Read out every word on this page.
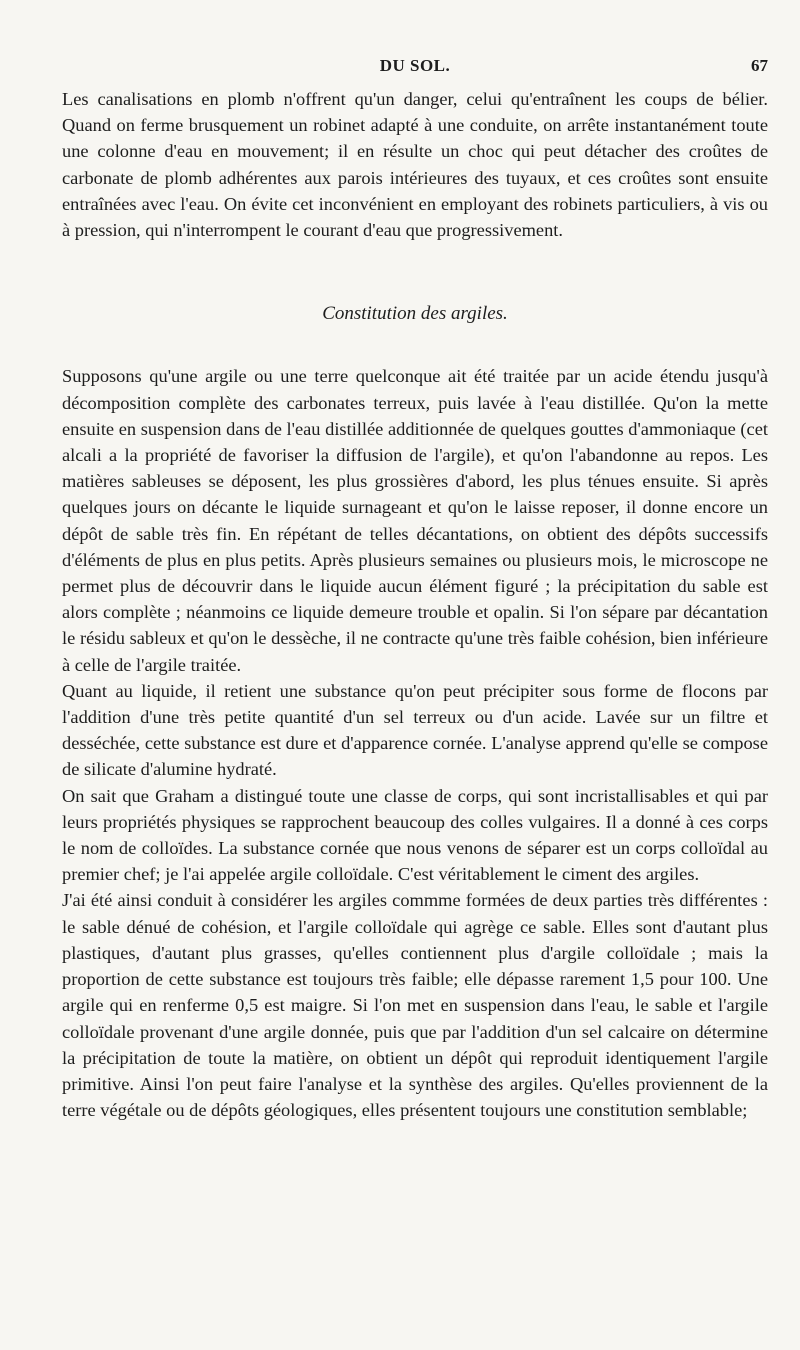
DU SOL.	67

Les canalisations en plomb n'offrent qu'un danger, celui qu'entraînent les coups de bélier. Quand on ferme brusquement un robinet adapté à une conduite, on arrête instantanément toute une colonne d'eau en mouvement; il en résulte un choc qui peut détacher des croûtes de carbonate de plomb adhérentes aux parois intérieures des tuyaux, et ces croûtes sont ensuite entraînées avec l'eau. On évite cet inconvénient en employant des robinets particuliers, à vis ou à pression, qui n'interrompent le courant d'eau que progressivement.

Constitution des argiles.

Supposons qu'une argile ou une terre quelconque ait été traitée par un acide étendu jusqu'à décomposition complète des carbonates terreux, puis lavée à l'eau distillée. Qu'on la mette ensuite en suspension dans de l'eau distillée additionnée de quelques gouttes d'ammoniaque (cet alcali a la propriété de favoriser la diffusion de l'argile), et qu'on l'abandonne au repos. Les matières sableuses se déposent, les plus grossières d'abord, les plus ténues ensuite. Si après quelques jours on décante le liquide surnageant et qu'on le laisse reposer, il donne encore un dépôt de sable très fin. En répétant de telles décantations, on obtient des dépôts successifs d'éléments de plus en plus petits. Après plusieurs semaines ou plusieurs mois, le microscope ne permet plus de découvrir dans le liquide aucun élément figuré ; la précipitation du sable est alors complète ; néanmoins ce liquide demeure trouble et opalin. Si l'on sépare par décantation le résidu sableux et qu'on le dessèche, il ne contracte qu'une très faible cohésion, bien inférieure à celle de l'argile traitée.

Quant au liquide, il retient une substance qu'on peut précipiter sous forme de flocons par l'addition d'une très petite quantité d'un sel terreux ou d'un acide. Lavée sur un filtre et desséchée, cette substance est dure et d'apparence cornée. L'analyse apprend qu'elle se compose de silicate d'alumine hydraté.

On sait que Graham a distingué toute une classe de corps, qui sont incristallisables et qui par leurs propriétés physiques se rapprochent beaucoup des colles vulgaires. Il a donné à ces corps le nom de colloïdes. La substance cornée que nous venons de séparer est un corps colloïdal au premier chef; je l'ai appelée argile colloïdale. C'est véritablement le ciment des argiles.

J'ai été ainsi conduit à considérer les argiles commme formées de deux parties très différentes : le sable dénué de cohésion, et l'argile colloïdale qui agrège ce sable. Elles sont d'autant plus plastiques, d'autant plus grasses, qu'elles contiennent plus d'argile colloïdale ; mais la proportion de cette substance est toujours très faible; elle dépasse rarement 1,5 pour 100. Une argile qui en renferme 0,5 est maigre. Si l'on met en suspension dans l'eau, le sable et l'argile colloïdale provenant d'une argile donnée, puis que par l'addition d'un sel calcaire on détermine la précipitation de toute la matière, on obtient un dépôt qui reproduit identiquement l'argile primitive. Ainsi l'on peut faire l'analyse et la synthèse des argiles. Qu'elles proviennent de la terre végétale ou de dépôts géologiques, elles présentent toujours une constitution semblable;
